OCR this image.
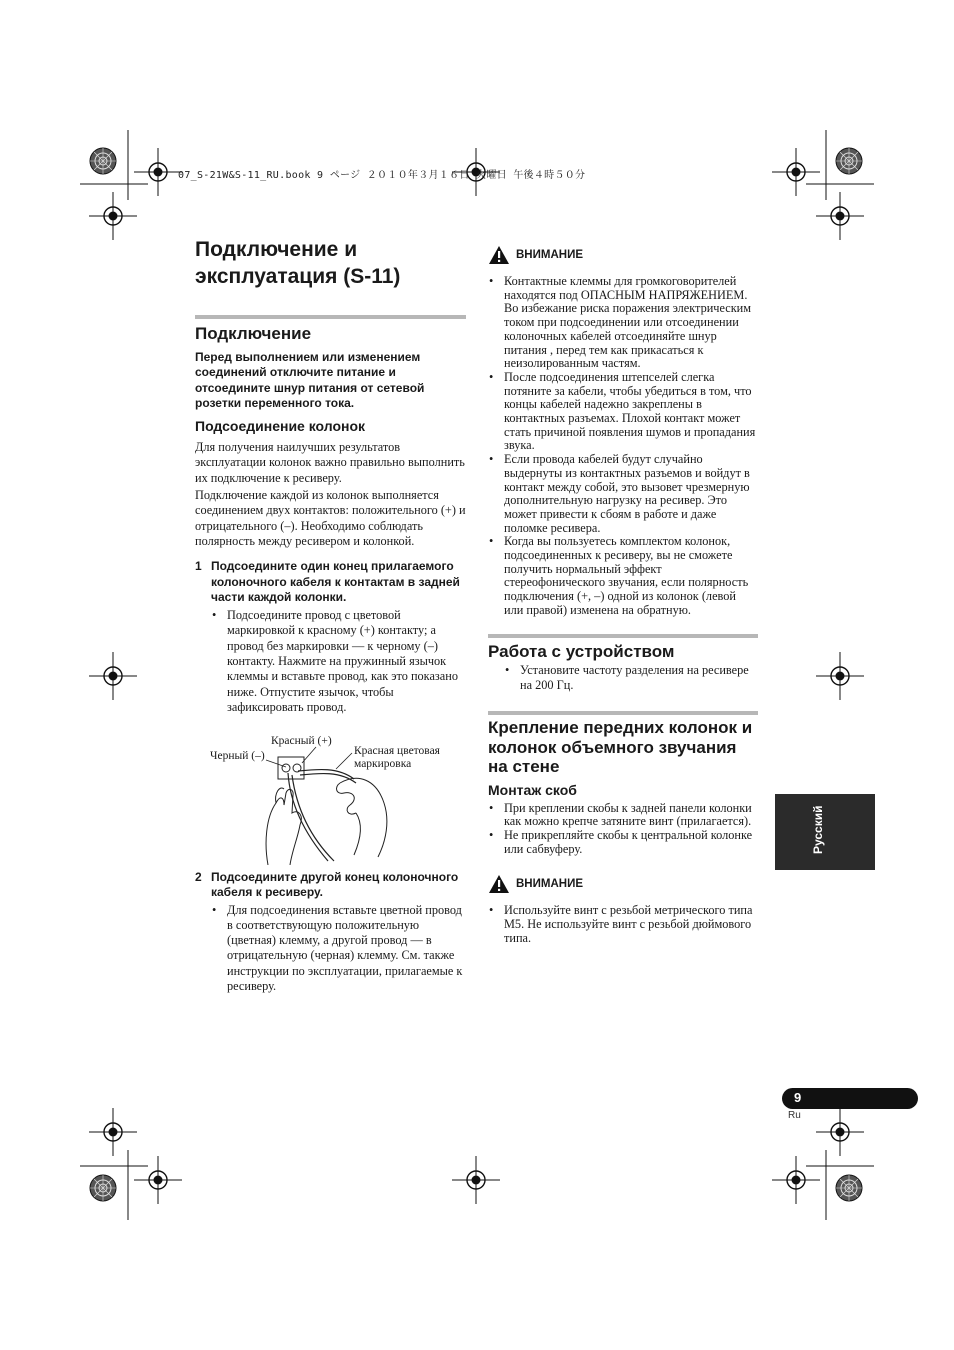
07_S-21W&S-11_RU.book 9 ページ ２０１０年３月１６日 火曜日 午後４時５０分
Подключение и эксплуатация (S-11)
Подключение
Перед выполнением или изменением соединений отключите питание и отсоедините шнур питания от сетевой розетки переменного тока.
Подсоединение колонок

Для получения наилучших результатов эксплуатации колонок важно правильно выполнить их подключение к ресиверу.

Подключение каждой из колонок выполняется соединением двух контактов: положительного (+) и отрицательного (–). Необходимо соблюдать полярность между ресивером и колонкой.

1 Подсоедините один конец прилагаемого колоночного кабеля к контактам в задней части каждой колонки.
• Подсоедините провод с цветовой маркировкой к красному (+) контакту; а провод без маркировки — к черному (–) контакту. Нажмите на пружинный язычок клеммы и вставьте провод, как это показано ниже. Отпустите язычок, чтобы зафиксировать провод.
Красный (+)
Черный (–)	Красная цветовая
маркировка
2 Подсоедините другой конец колоночного кабеля к ресиверу.
• Для подсоединения вставьте цветной провод в соответствующую положительную (цветная) клемму, а другой провод — в отрицательную (черная) клемму. См. также инструкции по эксплуатации, прилагаемые к ресиверу.
ВНИМАНИЕ
• Контактные клеммы для громкоговорителей находятся под ОПАСНЫМ НАПРЯЖЕНИЕМ. Во избежание риска поражения электрическим током при подсоединении или отсоединении колоночных кабелей отсоединяйте шнур питания , перед тем как прикасаться к неизолированным частям.
• После подсоединения штепселей слегка потяните за кабели, чтобы убедиться в том, что концы кабелей надежно закреплены в контактных разъемах. Плохой контакт может стать причиной появления шумов и пропадания звука.
• Если провода кабелей будут случайно выдернуты из контактных разъемов и войдут в контакт между собой, это вызовет чрезмерную дополнительную нагрузку на ресивер. Это может привести к сбоям в работе и даже поломке ресивера.
• Когда вы пользуетесь комплектом колонок, подсоединенных к ресиверу, вы не сможете получить нормальный эффект стереофонического звучания, если полярность подключения (+, –) одной из колонок (левой или правой) изменена на обратную.
Работа с устройством
• Установите частоту разделения на ресивере на 200 Гц.
Крепление передних колонок и колонок объемного звучания на стене
Монтаж скоб
• При креплении скобы к задней панели колонки как можно крепче затяните винт (прилагается).
• Не прикрепляйте скобы к центральной колонке или сабвуферу.
ВНИМАНИЕ
• Используйте винт с резьбой метрического типа M5. Не используйте винт с резьбой дюймового типа.
Русский
9
Ru
